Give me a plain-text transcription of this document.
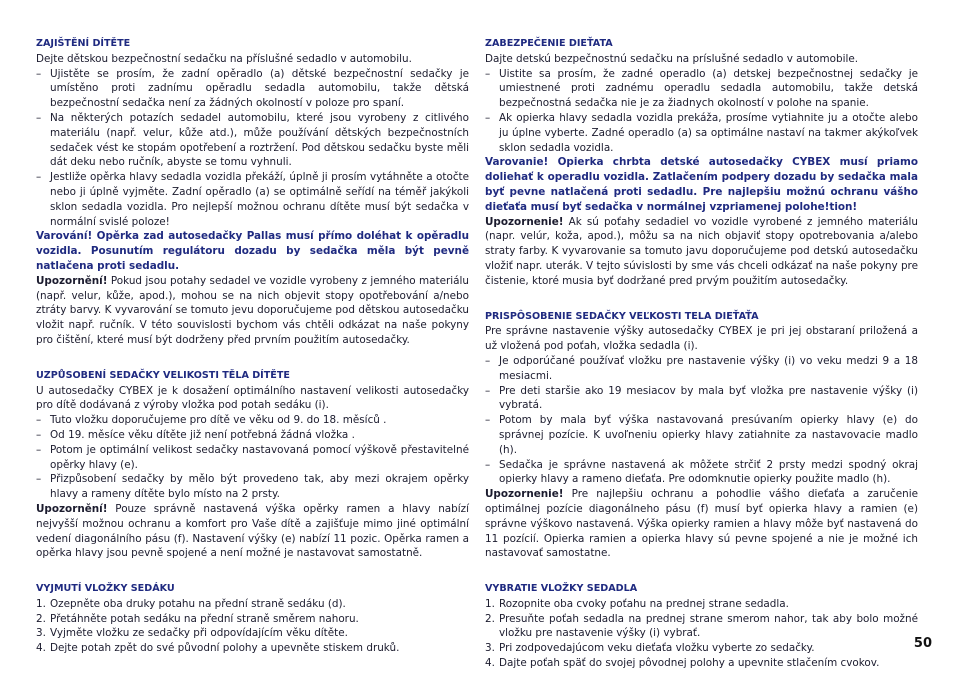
ZAJIŠTĚNÍ DÍTĚTE

Dejte dětskou bezpečnostní sedačku na příslušné sedadlo v automobilu.

– Ujistěte se prosím, že zadní opěradlo (a) dětské bezpečnostní sedačky je umístěno proti zadnímu opěradlu sedadla automobilu, takže dětská bezpečnostní sedačka není za žádných okolností v poloze pro spaní.
– Na některých potazích sedadel automobilu, které jsou vyrobeny z citlivého materiálu (např. velur, kůže atd.), může používání dětských bezpečnostních sedaček vést ke stopám opotřebení a roztržení. Pod dětskou sedačku byste měli dát deku nebo ručník, abyste se tomu vyhnuli.
– Jestliže opěrka hlavy sedadla vozidla překáží, úplně ji prosím vytáhněte a otočte nebo ji úplně vyjměte. Zadní opěradlo (a) se optimálně seřídí na téměř jakýkoli sklon sedadla vozidla. Pro nejlepší možnou ochranu dítěte musí být sedačka v normální svislé poloze!

Varování! Opěrka zad autosedačky Pallas musí přímo doléhat k opěradlu vozidla. Posunutím regulátoru dozadu by sedačka měla být pevně natlačena proti sedadlu.

Upozornění! Pokud jsou potahy sedadel ve vozidle vyrobeny z jemného materiálu (např. velur, kůže, apod.), mohou se na nich objevit stopy opotřebování a/nebo ztráty barvy. K vyvarování se tomuto jevu doporučujeme pod dětskou autosedačku vložit např. ručník. V této souvislosti bychom vás chtěli odkázat na naše pokyny pro čištění, které musí být dodrženy před prvním použitím autosedačky.

UZPŮSOBENÍ SEDAČKY VELIKOSTI TĚLA DÍTĚTE

U autosedačky CYBEX je k dosažení optimálního nastavení velikosti autosedačky pro dítě dodávaná z výroby vložka pod potah sedáku (i).

– Tuto vložku doporučujeme pro dítě ve věku od 9. do 18. měsíců .
– Od 19. měsíce věku dítěte již není potřebná žádná vložka .
– Potom je optimální velikost sedačky nastavovaná pomocí výškově přestavitelné opěrky hlavy (e).
– Přizpůsobení sedačky by mělo být provedeno tak, aby mezi okrajem opěrky hlavy a rameny dítěte bylo místo na 2 prsty.

Upozornění! Pouze správně nastavená výška opěrky ramen a hlavy nabízí nejvyšší možnou ochranu a komfort pro Vaše dítě a zajišťuje mimo jiné optimální vedení diagonálního pásu (f). Nastavení výšky (e) nabízí 11 pozic. Opěrka ramen a opěrka hlavy jsou pevně spojené a není možné je nastavovat samostatně.

VYJMUTÍ VLOŽKY SEDÁKU
1. Ozepněte oba druky potahu na přední straně sedáku (d).
2. Přetáhněte potah sedáku na přední straně směrem nahoru.
3. Vyjměte vložku ze sedačky při odpovídajícím věku dítěte.
4. Dejte potah zpět do své původní polohy a upevněte stiskem druků.
ZABEZPEČENIE DIEŤATA

Dajte detskú bezpečnostnú sedačku na príslušné sedadlo v automobile.

– Uistite sa prosím, že zadné operadlo (a) detskej bezpečnostnej sedačky je umiestnené proti zadnému operadlu sedadla automobilu, takže detská bezpečnostná sedačka nie je za žiadnych okolností v polohe na spanie.
– Ak opierka hlavy sedadla vozidla prekáža, prosíme vytiahnite ju a otočte alebo ju úplne vyberte. Zadné operadlo (a) sa optimálne nastaví na takmer akýkoľvek sklon sedadla vozidla.

Varovanie! Opierka chrbta detské autosedačky CYBEX musí priamo doliehať k operadlu vozidla. Zatlačením podpery dozadu by sedačka mala byť pevne natlačená proti sedadlu. Pre najlepšiu možnú ochranu vášho dieťaťa musí byť sedačka v normálnej vzpriamenej polohe!tion!

Upozornenie! Ak sú poťahy sedadiel vo vozidle vyrobené z jemného materiálu (napr. velúr, koža, apod.), môžu sa na nich objaviť stopy opotrebovania a/alebo straty farby. K vyvarovanie sa tomuto javu doporučujeme pod detskú autosedačku vložiť napr. uterák. V tejto súvislosti by sme vás chceli odkázať na naše pokyny pre čistenie, ktoré musia byť dodržané pred prvým použitím autosedačky.

PRISPÔSOBENIE SEDAČKY VEĽKOSTI TELA DIEŤAŤA

Pre správne nastavenie výšky autosedačky CYBEX je pri jej obstaraní priložená a už vložená pod poťah, vložka sedadla (i).

– Je odporúčané používať vložku pre nastavenie výšky (i) vo veku medzi 9 a 18 mesiacmi.
– Pre deti staršie ako 19 mesiacov by mala byť vložka pre nastavenie výšky (i) vybratá.
– Potom by mala byť výška nastavovaná presúvaním opierky hlavy (e) do správnej pozície. K uvoľneniu opierky hlavy zatiahnite za nastavovacie madlo (h).
– Sedačka je správne nastavená ak môžete strčiť 2 prsty medzi spodný okraj opierky hlavy a rameno dieťaťa. Pre odomknutie opierky použite madlo (h).

Upozornenie! Pre najlepšiu ochranu a pohodlie vášho dieťaťa a zaručenie optimálnej pozície diagonálneho pásu (f) musí byť opierka hlavy a ramien (e) správne výškovo nastavená. Výška opierky ramien a hlavy môže byť nastavená do 11 pozícií. Opierka ramien a opierka hlavy sú pevne spojené a nie je možné ich nastavovať samostatne.

VYBRATIE VLOŽKY SEDADLA
1. Rozopnite oba cvoky poťahu na prednej strane sedadla.
2. Presuňte poťah sedadla na prednej strane smerom nahor, tak aby bolo možné vložku pre nastavenie výšky (i) vybrať.
3. Pri zodpovedajúcom veku dieťaťa vložku vyberte zo sedačky.
4. Dajte poťah späť do svojej pôvodnej polohy a upevnite stlačením cvokov.
50
